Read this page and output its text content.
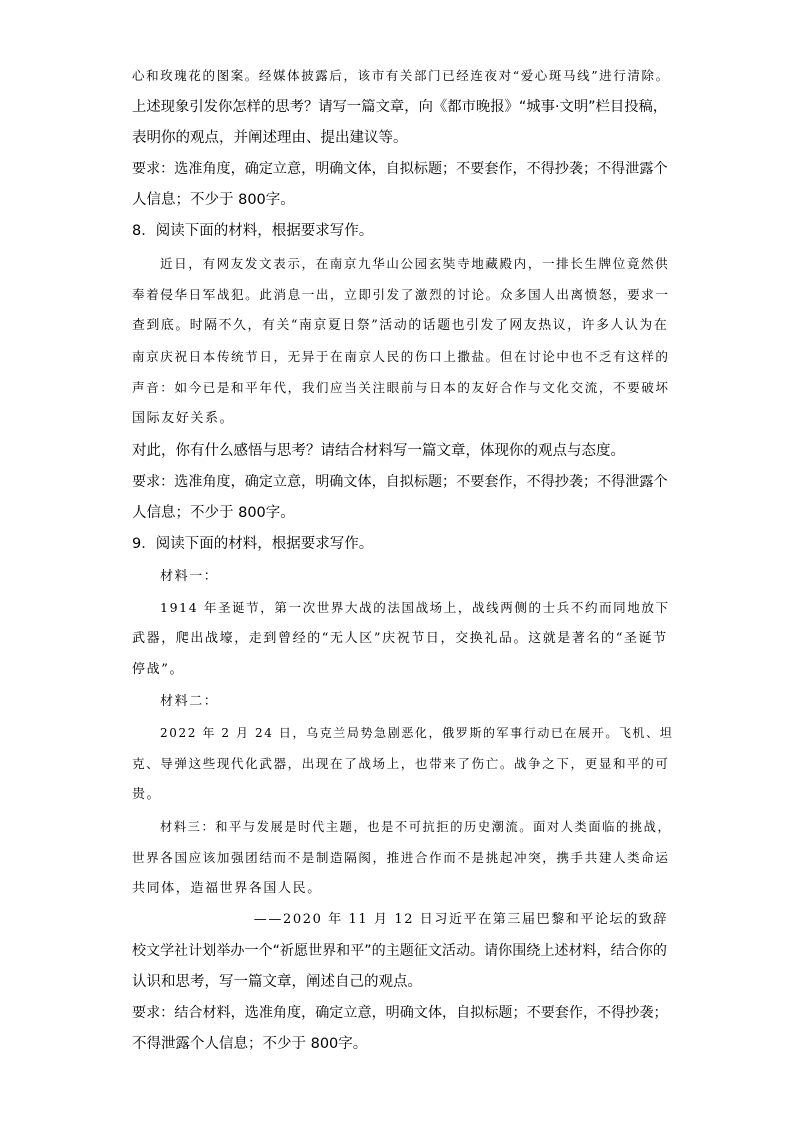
心和玫瑰花的图案。经媒体披露后，该市有关部门已经连夜对“爱心斑马线”进行清除。
上述现象引发你怎样的思考？请写一篇文章，向《都市晚报》“城事·文明”栏目投稿，
表明你的观点，并阐述理由、提出建议等。
要求：选准角度，确定立意，明确文体，自拟标题；不要套作，不得抄袭；不得泄露个
人信息；不少于 800字。
8．阅读下面的材料，根据要求写作。
近日，有网友发文表示，在南京九华山公园玄奘寺地藏殿内，一排长生牌位竟然供
奉着侵华日军战犯。此消息一出，立即引发了激烈的讨论。众多国人出离愤怒，要求一
查到底。时隔不久，有关“南京夏日祭”活动的话题也引发了网友热议，许多人认为在
南京庆祝日本传统节日，无异于在南京人民的伤口上撒盐。但在讨论中也不乏有这样的
声音：如今已是和平年代，我们应当关注眼前与日本的友好合作与文化交流，不要破坏
国际友好关系。
对此，你有什么感悟与思考？请结合材料写一篇文章，体现你的观点与态度。
要求：选准角度，确定立意，明确文体，自拟标题；不要套作，不得抄袭；不得泄露个
人信息；不少于 800字。
9．阅读下面的材料，根据要求写作。
材料一：
1914 年圣诞节，第一次世界大战的法国战场上，战线两侧的士兵不约而同地放下
武器，爬出战壕，走到曾经的“无人区”庆祝节日，交换礼品。这就是著名的“圣诞节
停战”。
材料二：
2022 年 2 月 24 日，乌克兰局势急剧恶化，俄罗斯的军事行动已在展开。飞机、坦
克、导弹这些现代化武器，出现在了战场上，也带来了伤亡。战争之下，更显和平的可
贵。
材料三：和平与发展是时代主题，也是不可抗拒的历史潮流。面对人类面临的挑战，
世界各国应该加强团结而不是制造隔阂，推进合作而不是挑起冲突，携手共建人类命运
共同体，造福世界各国人民。
——2020 年 11 月 12 日习近平在第三届巴黎和平论坛的致辞
校文学社计划举办一个“祈愿世界和平”的主题征文活动。请你围绕上述材料，结合你的
认识和思考，写一篇文章，阐述自己的观点。
要求：结合材料，选准角度，确定立意，明确文体，自拟标题；不要套作，不得抄袭；
不得泄露个人信息；不少于 800字。
